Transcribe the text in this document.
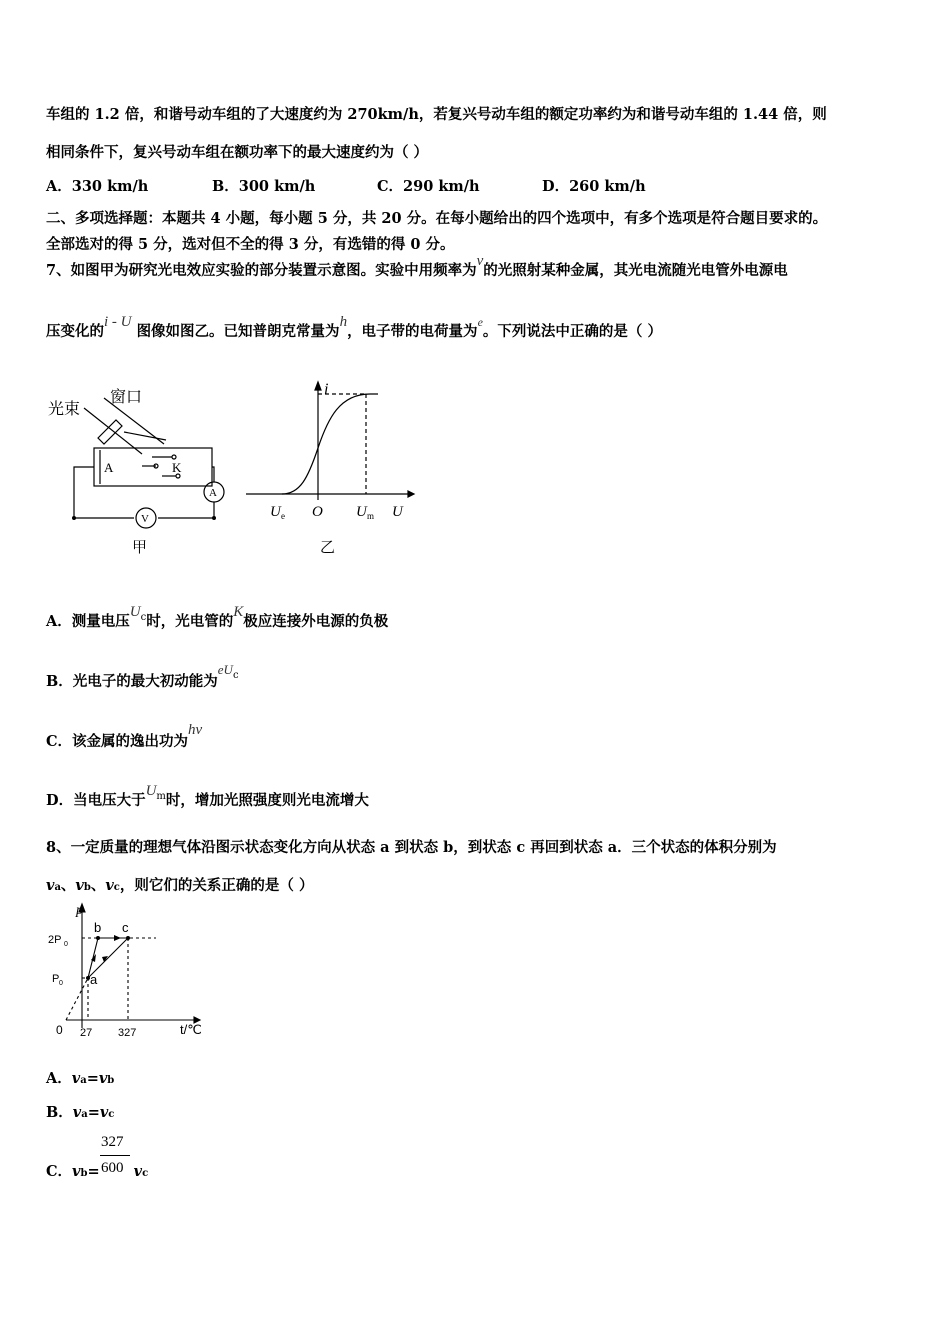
车组的 1.2 倍，和谐号动车组的了大速度约为 270km/h，若复兴号动车组的额定功率约为和谐号动车组的 1.44 倍，则
相同条件下，复兴号动车组在额功率下的最大速度约为（ ）
A．330 km/h	B．300 km/h	C．290 km/h	D．260 km/h
二、多项选择题：本题共 4 小题，每小题 5 分，共 20 分。在每小题给出的四个选项中，有多个选项是符合题目要求的。
全部选对的得 5 分，选对但不全的得 3 分，有选错的得 0 分。
7、如图甲为研究光电效应实验的部分装置示意图。实验中用频率为ν的光照射某种金属，其光电流随光电管外电源电
压变化的i - U 图像如图乙。已知普朗克常量为h，电子带的电荷量为$^e$。下列说法中正确的是（ ）
光束
窗口
A	K
V
A
甲
i
U e O U m U
乙
A．测量电压$U^c$时，光电管的K极应连接外电源的负极
B．光电子的最大初动能为$eU^c$
C．该金属的逸出功为hν
D．当电压大于$U^m$时，增加光照强度则光电流增大
8、一定质量的理想气体沿图示状态变化方向从状态 a 到状态 b，到状态 c 再回到状态 a．三个状态的体积分别为
va、vb、vc，则它们的关系正确的是（ ）
p
b c
a
2P 0
P 0
0 27 327	t/℃
A．va=vb
B．va=vc
C．vb= vc
327
600
